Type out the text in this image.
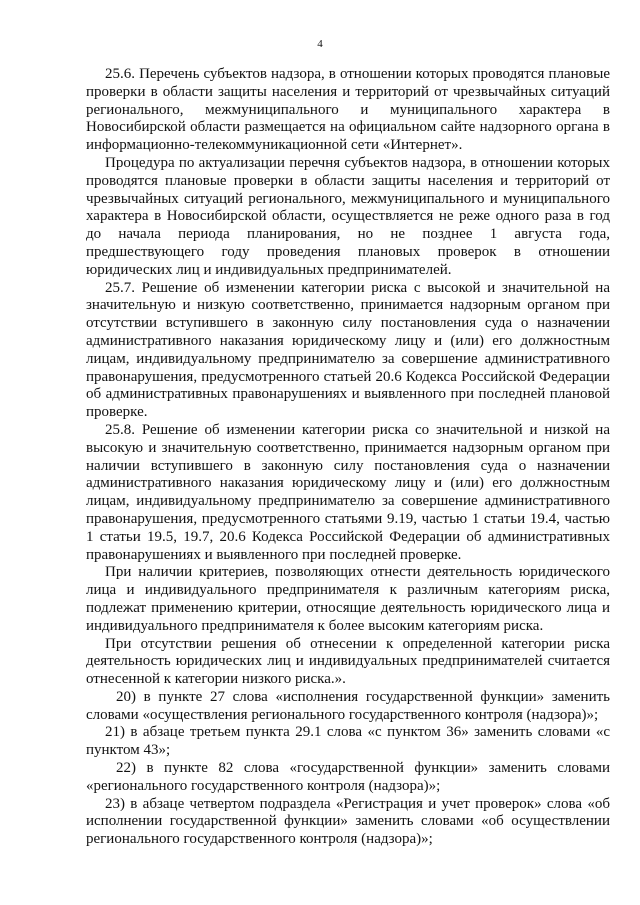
4

25.6. Перечень субъектов надзора, в отношении которых проводятся плановые проверки в области защиты населения и территорий от чрезвычайных ситуаций регионального, межмуниципального и муниципального характера в Новосибирской области размещается на официальном сайте надзорного органа в информационно-телекоммуникационной сети «Интернет».

Процедура по актуализации перечня субъектов надзора, в отношении которых проводятся плановые проверки в области защиты населения и территорий от чрезвычайных ситуаций регионального, межмуниципального и муниципального характера в Новосибирской области, осуществляется не реже одного раза в год до начала периода планирования, но не позднее 1 августа года, предшествующего году проведения плановых проверок в отношении юридических лиц и индивидуальных предпринимателей.

25.7. Решение об изменении категории риска с высокой и значительной на значительную и низкую соответственно, принимается надзорным органом при отсутствии вступившего в законную силу постановления суда о назначении административного наказания юридическому лицу и (или) его должностным лицам, индивидуальному предпринимателю за совершение административного правонарушения, предусмотренного статьей 20.6 Кодекса Российской Федерации об административных правонарушениях и выявленного при последней плановой проверке.

25.8. Решение об изменении категории риска со значительной и низкой на высокую и значительную соответственно, принимается надзорным органом при наличии вступившего в законную силу постановления суда о назначении административного наказания юридическому лицу и (или) его должностным лицам, индивидуальному предпринимателю за совершение административного правонарушения, предусмотренного статьями 9.19, частью 1 статьи 19.4, частью 1 статьи 19.5, 19.7, 20.6 Кодекса Российской Федерации об административных правонарушениях и выявленного при последней проверке.

При наличии критериев, позволяющих отнести деятельность юридического лица и индивидуального предпринимателя к различным категориям риска, подлежат применению критерии, относящие деятельность юридического лица и индивидуального предпринимателя к более высоким категориям риска.

При отсутствии решения об отнесении к определенной категории риска деятельность юридических лиц и индивидуальных предпринимателей считается отнесенной к категории низкого риска.».

20) в пункте 27 слова «исполнения государственной функции» заменить словами «осуществления регионального государственного контроля (надзора)»;

21) в абзаце третьем пункта 29.1 слова «с пунктом 36» заменить словами «с пунктом 43»;

22) в пункте 82 слова «государственной функции» заменить словами «регионального государственного контроля (надзора)»;

23) в абзаце четвертом подраздела «Регистрация и учет проверок» слова «об исполнении государственной функции» заменить словами «об осуществлении регионального государственного контроля (надзора)»;
